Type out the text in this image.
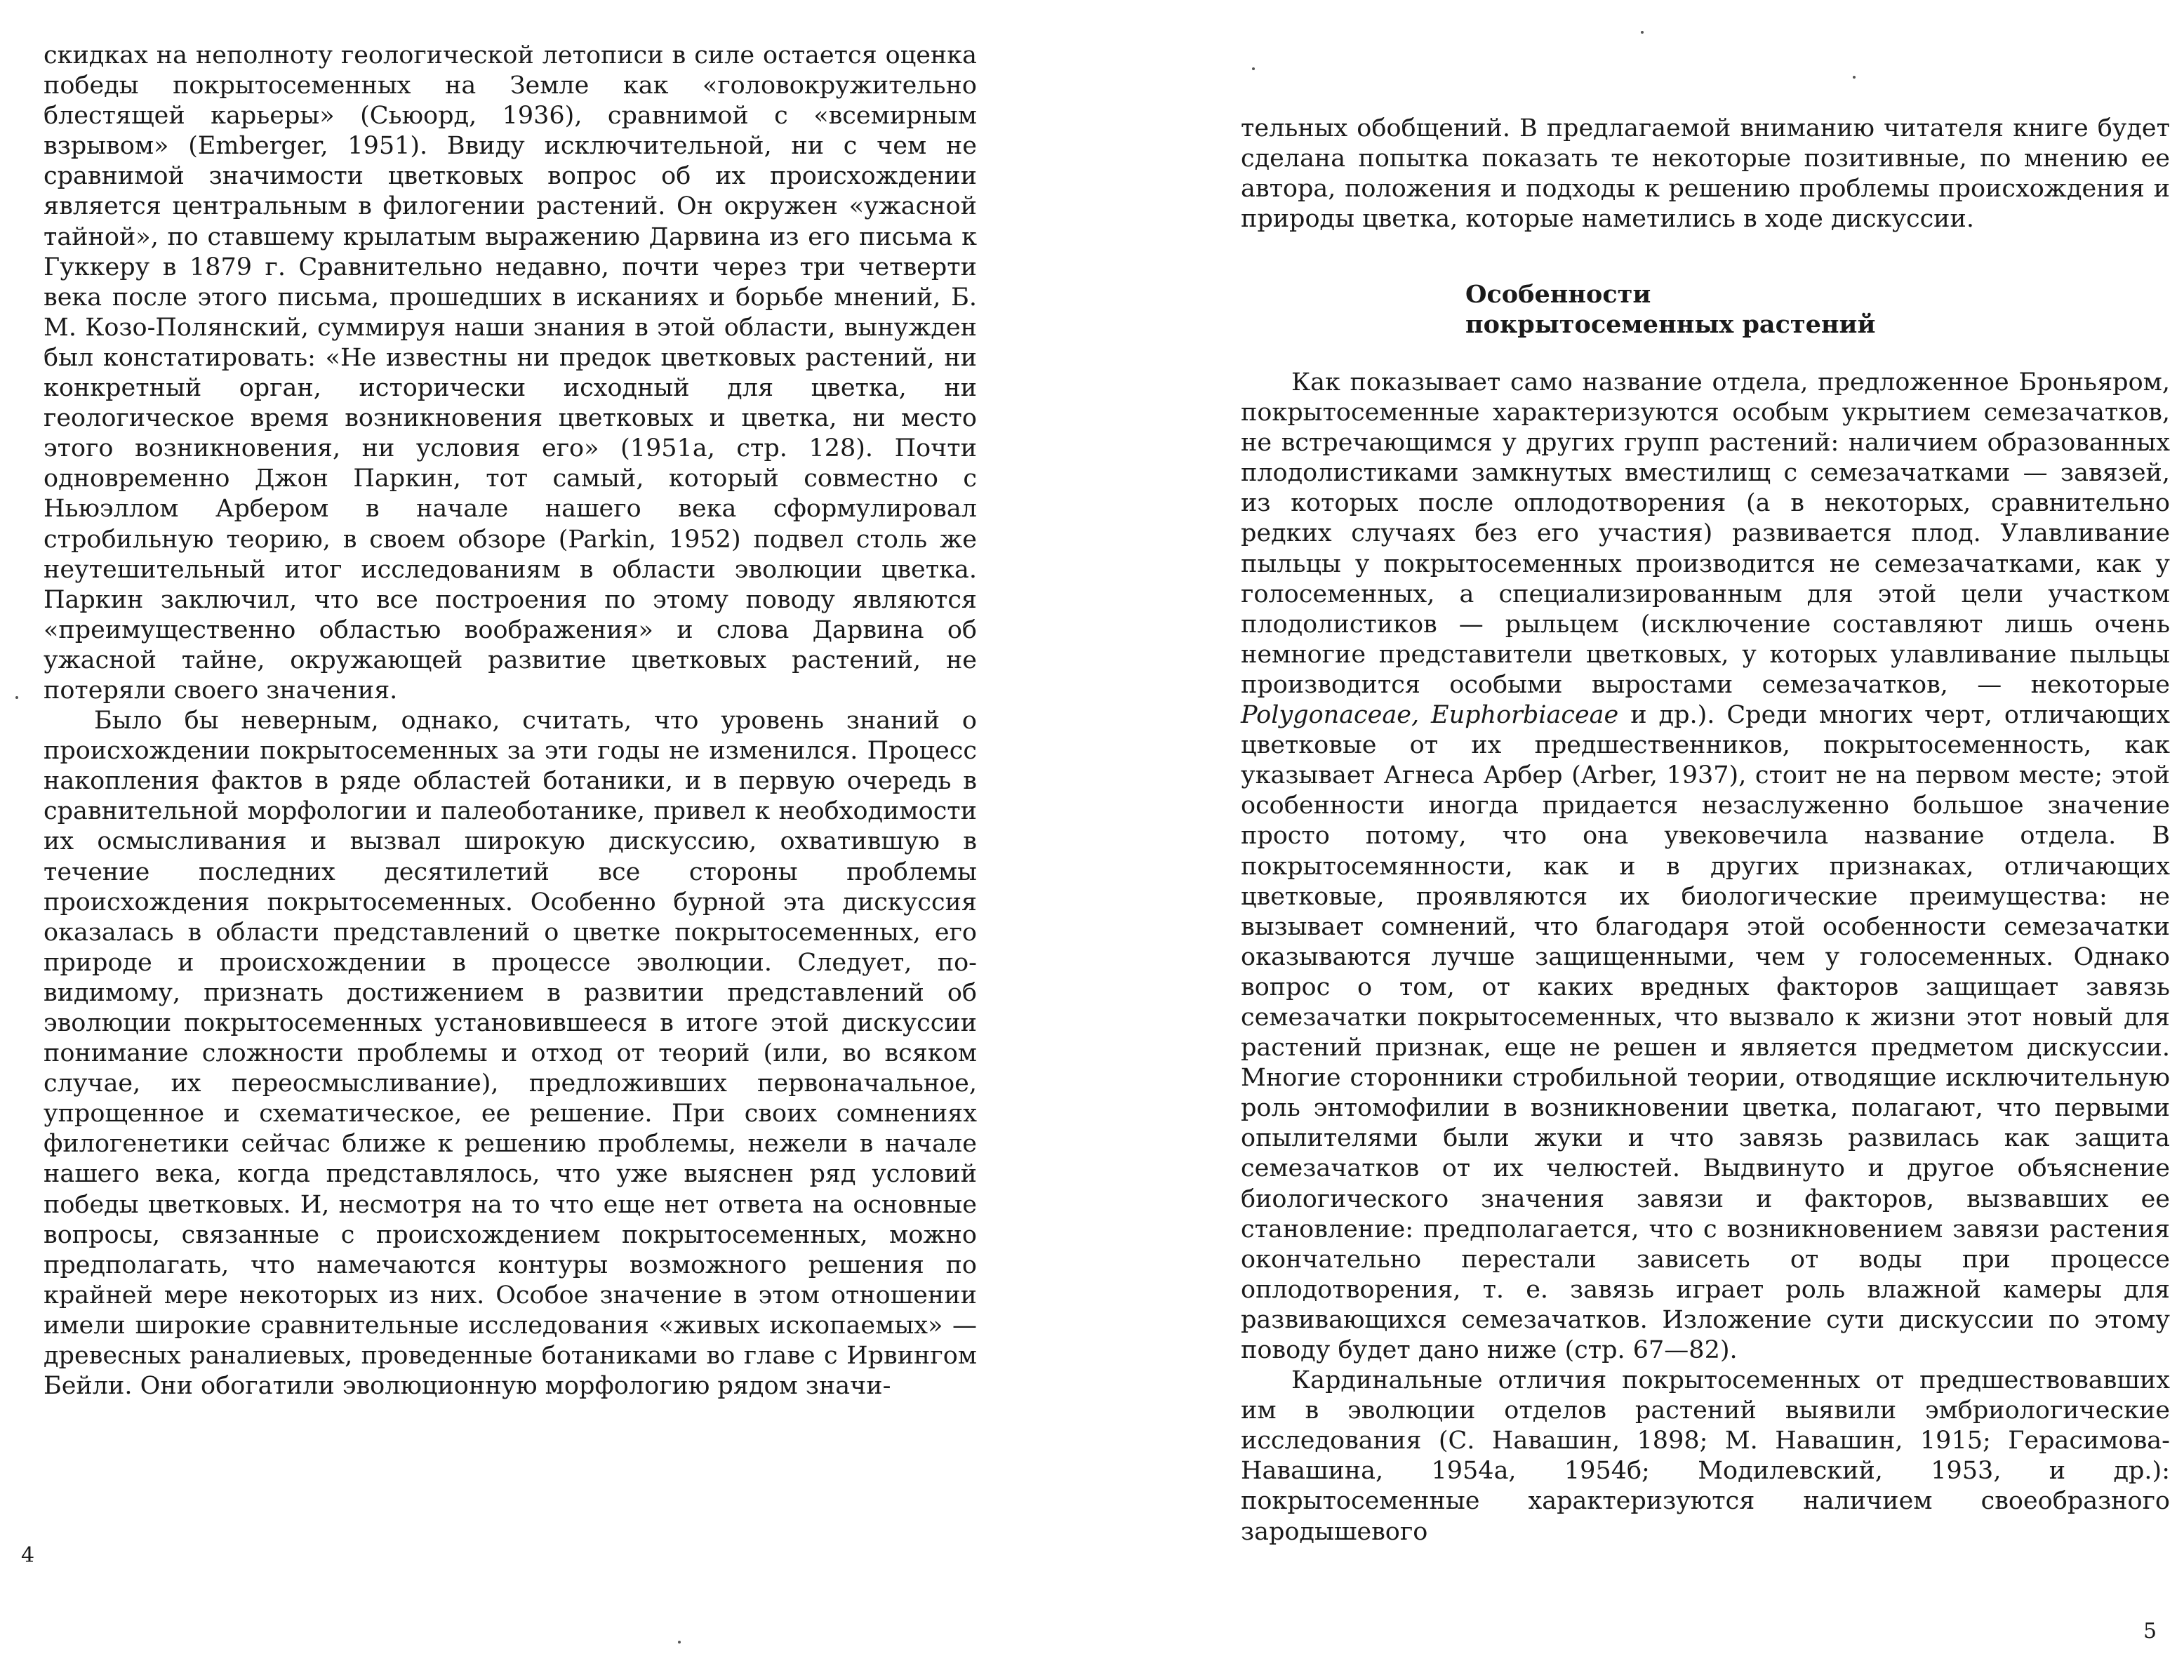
скидках на неполноту геологической летописи в силе остается оценка победы покрытосеменных на Земле как «головокружительно блестящей карьеры» (Сьюорд, 1936), сравнимой с «всемирным взрывом» (Emberger, 1951). Ввиду исключительной, ни с чем не сравнимой значимости цветковых вопрос об их происхождении является центральным в филогении растений. Он окружен «ужасной тайной», по ставшему крылатым выражению Дарвина из его письма к Гуккеру в 1879 г. Сравнительно недавно, почти через три четверти века после этого письма, прошедших в исканиях и борьбе мнений, Б. М. Козо-Полянский, суммируя наши знания в этой области, вынужден был констатировать: «Не известны ни предок цветковых растений, ни конкретный орган, исторически исходный для цветка, ни геологическое время возникновения цветковых и цветка, ни место этого возникновения, ни условия его» (1951а, стр. 128). Почти одновременно Джон Паркин, тот самый, который совместно с Ньюэллом Арбером в начале нашего века сформулировал стробильную теорию, в своем обзоре (Parkin, 1952) подвел столь же неутешительный итог исследованиям в области эволюции цветка. Паркин заключил, что все построения по этому поводу являются «преимущественно областью воображения» и слова Дарвина об ужасной тайне, окружающей развитие цветковых растений, не потеряли своего значения.

Было бы неверным, однако, считать, что уровень знаний о происхождении покрытосеменных за эти годы не изменился. Процесс накопления фактов в ряде областей ботаники, и в первую очередь в сравнительной морфологии и палеоботанике, привел к необходимости их осмысливания и вызвал широкую дискуссию, охватившую в течение последних десятилетий все стороны проблемы происхождения покрытосеменных. Особенно бурной эта дискуссия оказалась в области представлений о цветке покрытосеменных, его природе и происхождении в процессе эволюции. Следует, по-видимому, признать достижением в развитии представлений об эволюции покрытосеменных установившееся в итоге этой дискуссии понимание сложности проблемы и отход от теорий (или, во всяком случае, их переосмысливание), предложивших первоначальное, упрощенное и схематическое, ее решение. При своих сомнениях филогенетики сейчас ближе к решению проблемы, нежели в начале нашего века, когда представлялось, что уже выяснен ряд условий победы цветковых. И, несмотря на то что еще нет ответа на основные вопросы, связанные с происхождением покрытосеменных, можно предполагать, что намечаются контуры возможного решения по крайней мере некоторых из них. Особое значение в этом отношении имели широкие сравнительные исследования «живых ископаемых» — древесных раналиевых, проведенные ботаниками во главе с Ирвингом Бейли. Они обогатили эволюционную морфологию рядом значи-

4

тельных обобщений. В предлагаемой вниманию читателя книге будет сделана попытка показать те некоторые позитивные, по мнению ее автора, положения и подходы к решению проблемы происхождения и природы цветка, которые наметились в ходе дискуссии.

Особенности
покрытосеменных растений

Как показывает само название отдела, предложенное Броньяром, покрытосеменные характеризуются особым укрытием семезачатков, не встречающимся у других групп растений: наличием образованных плодолистиками замкнутых вместилищ с семезачатками — завязей, из которых после оплодотворения (а в некоторых, сравнительно редких случаях без его участия) развивается плод. Улавливание пыльцы у покрытосеменных производится не семезачатками, как у голосеменных, а специализированным для этой цели участком плодолистиков — рыльцем (исключение составляют лишь очень немногие представители цветковых, у которых улавливание пыльцы производится особыми выростами семезачатков, — некоторые Polygonaceae, Euphorbiaceae и др.). Среди многих черт, отличающих цветковые от их предшественников, покрытосеменность, как указывает Агнеса Арбер (Arber, 1937), стоит не на первом месте; этой особенности иногда придается незаслуженно большое значение просто потому, что она увековечила название отдела. В покрытосемянности, как и в других признаках, отличающих цветковые, проявляются их биологические преимущества: не вызывает сомнений, что благодаря этой особенности семезачатки оказываются лучше защищенными, чем у голосеменных. Однако вопрос о том, от каких вредных факторов защищает завязь семезачатки покрытосеменных, что вызвало к жизни этот новый для растений признак, еще не решен и является предметом дискуссии. Многие сторонники стробильной теории, отводящие исключительную роль энтомофилии в возникновении цветка, полагают, что первыми опылителями были жуки и что завязь развилась как защита семезачатков от их челюстей. Выдвинуто и другое объяснение биологического значения завязи и факторов, вызвавших ее становление: предполагается, что с возникновением завязи растения окончательно перестали зависеть от воды при процессе оплодотворения, т. е. завязь играет роль влажной камеры для развивающихся семезачатков. Изложение сути дискуссии по этому поводу будет дано ниже (стр. 67—82).

Кардинальные отличия покрытосеменных от предшествовавших им в эволюции отделов растений выявили эмбриологические исследования (С. Навашин, 1898; М. Навашин, 1915; Герасимова-Навашина, 1954а, 1954б; Модилевский, 1953, и др.): покрытосеменные характеризуются наличием своеобразного зародышевого

5
